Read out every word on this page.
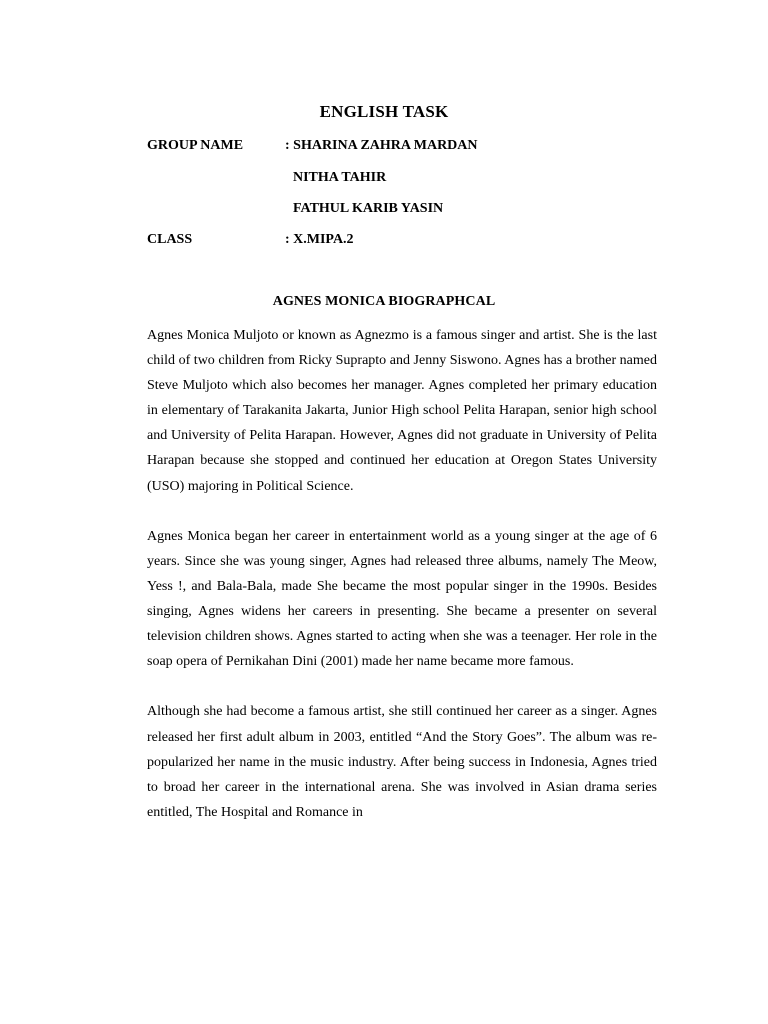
ENGLISH TASK
GROUP NAME	: SHARINA ZAHRA MARDAN
NITHA TAHIR
FATHUL KARIB YASIN
CLASS	: X.MIPA.2
AGNES MONICA BIOGRAPHCAL

Agnes Monica Muljoto or known as Agnezmo is a famous singer and artist. She is the last child of two children from Ricky Suprapto and Jenny Siswono. Agnes has a brother named Steve Muljoto which also becomes her manager. Agnes completed her primary education in elementary of Tarakanita Jakarta, Junior High school Pelita Harapan, senior high school and University of Pelita Harapan. However, Agnes did not graduate in University of Pelita Harapan because she stopped and continued her education at Oregon States University (USO) majoring in Political Science.

Agnes Monica began her career in entertainment world as a young singer at the age of 6 years. Since she was young singer, Agnes had released three albums, namely The Meow, Yess !, and Bala-Bala, made She became the most popular singer in the 1990s. Besides singing, Agnes widens her careers in presenting. She became a presenter on several television children shows. Agnes started to acting when she was a teenager. Her role in the soap opera of Pernikahan Dini (2001) made her name became more famous.

Although she had become a famous artist, she still continued her career as a singer. Agnes released her first adult album in 2003, entitled “And the Story Goes”. The album was re-popularized her name in the music industry. After being success in Indonesia, Agnes tried to broad her career in the international arena. She was involved in Asian drama series entitled, The Hospital and Romance in
